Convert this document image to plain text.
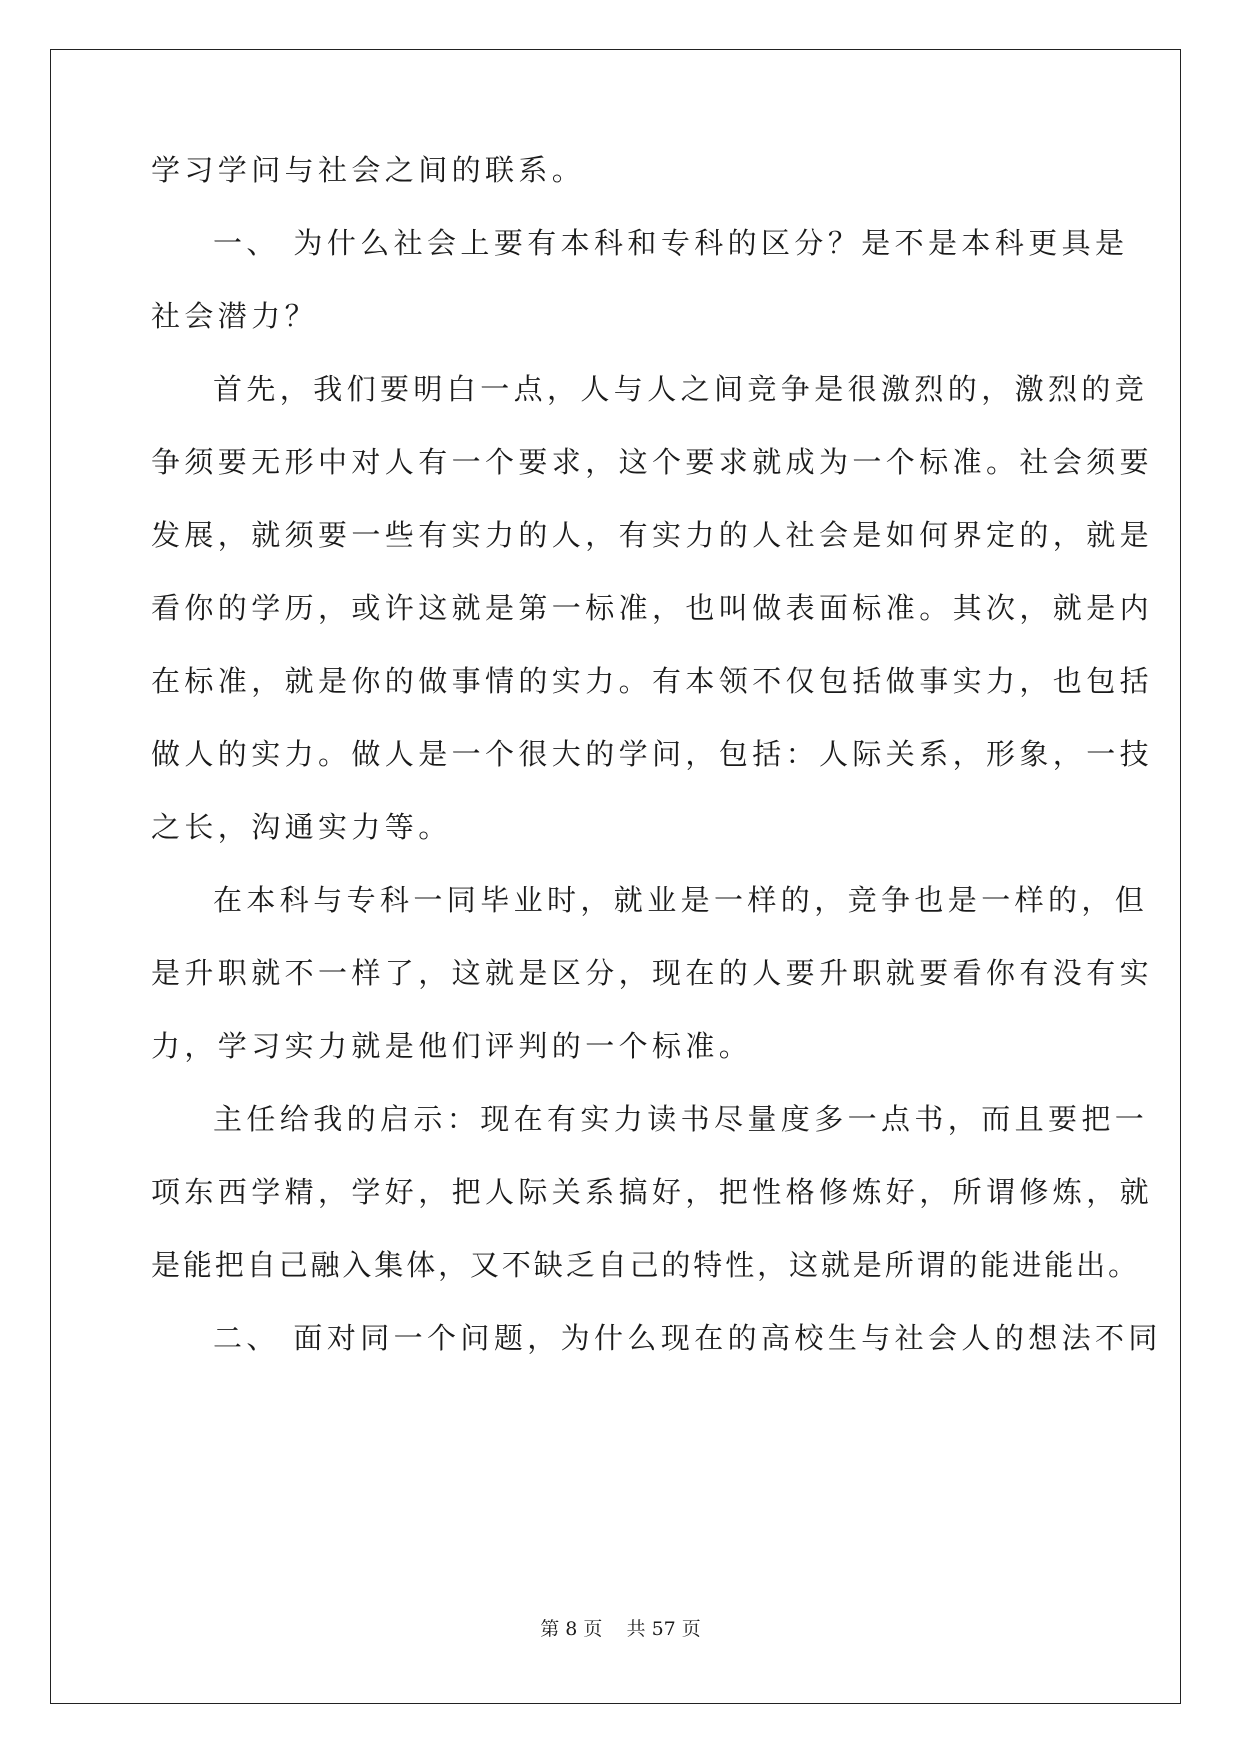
学习学问与社会之间的联系。
一、 为什么社会上要有本科和专科的区分？是不是本科更具是
社会潜力？
首先，我们要明白一点，人与人之间竞争是很激烈的，激烈的竞
争须要无形中对人有一个要求，这个要求就成为一个标准。社会须要
发展，就须要一些有实力的人，有实力的人社会是如何界定的，就是
看你的学历，或许这就是第一标准，也叫做表面标准。其次，就是内
在标准，就是你的做事情的实力。有本领不仅包括做事实力，也包括
做人的实力。做人是一个很大的学问，包括：人际关系，形象，一技
之长，沟通实力等。
在本科与专科一同毕业时，就业是一样的，竞争也是一样的，但
是升职就不一样了，这就是区分，现在的人要升职就要看你有没有实
力，学习实力就是他们评判的一个标准。
主任给我的启示：现在有实力读书尽量度多一点书，而且要把一
项东西学精，学好，把人际关系搞好，把性格修炼好，所谓修炼，就
是能把自己融入集体，又不缺乏自己的特性，这就是所谓的能进能出。
二、 面对同一个问题，为什么现在的高校生与社会人的想法不同
第 8 页    共 57 页
